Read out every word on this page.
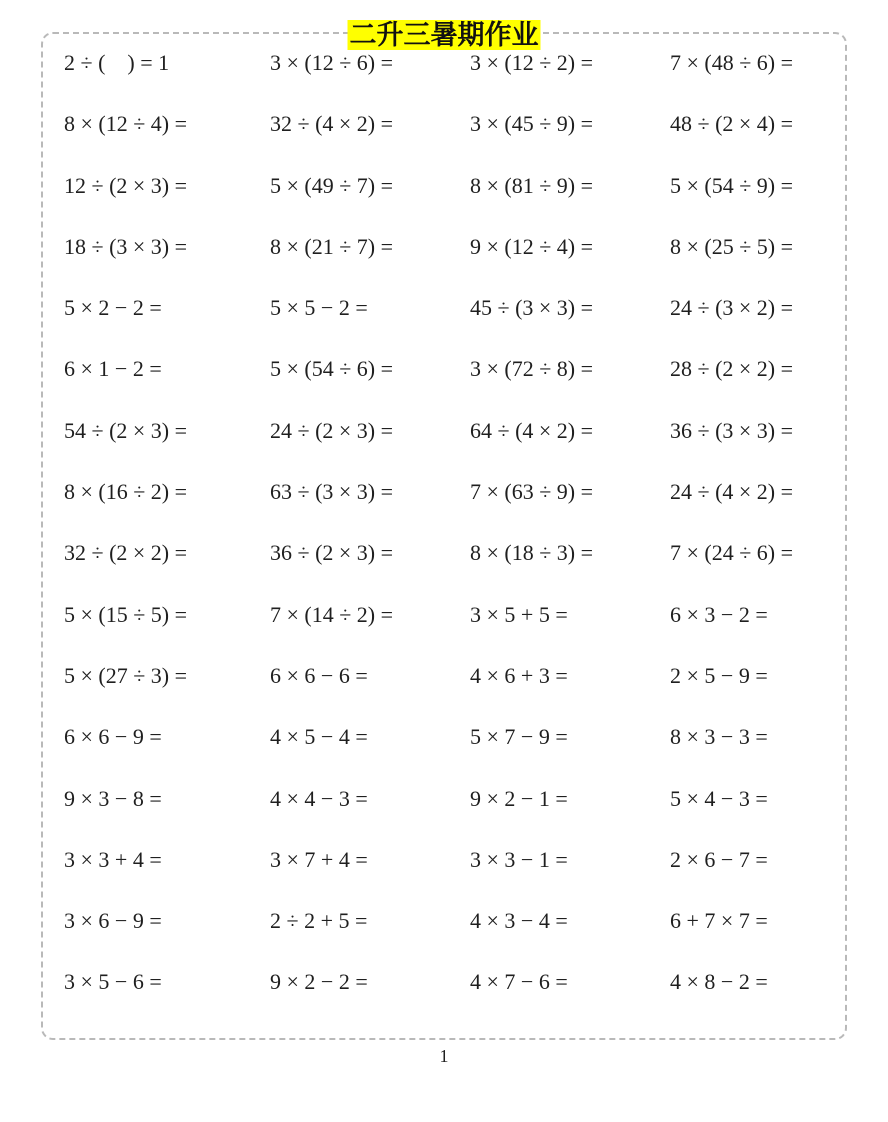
二升三暑期作业
2 ÷ (    ) = 1	3 × (12 ÷ 6) =	3 × (12 ÷ 2) =	7 × (48 ÷ 6) =
8 × (12 ÷ 4) =	32 ÷ (4 × 2) =	3 × (45 ÷ 9) =	48 ÷ (2 × 4) =
12 ÷ (2 × 3) =	5 × (49 ÷ 7) =	8 × (81 ÷ 9) =	5 × (54 ÷ 9) =
18 ÷ (3 × 3) =	8 × (21 ÷ 7) =	9 × (12 ÷ 4) =	8 × (25 ÷ 5) =
5 × 2 − 2 =	5 × 5 − 2 =	45 ÷ (3 × 3) =	24 ÷ (3 × 2) =
6 × 1 − 2 =	5 × (54 ÷ 6) =	3 × (72 ÷ 8) =	28 ÷ (2 × 2) =
54 ÷ (2 × 3) =	24 ÷ (2 × 3) =	64 ÷ (4 × 2) =	36 ÷ (3 × 3) =
8 × (16 ÷ 2) =	63 ÷ (3 × 3) =	7 × (63 ÷ 9) =	24 ÷ (4 × 2) =
32 ÷ (2 × 2) =	36 ÷ (2 × 3) =	8 × (18 ÷ 3) =	7 × (24 ÷ 6) =
5 × (15 ÷ 5) =	7 × (14 ÷ 2) =	3 × 5 + 5 =	6 × 3 − 2 =
5 × (27 ÷ 3) =	6 × 6 − 6 =	4 × 6 + 3 =	2 × 5 − 9 =
6 × 6 − 9 =	4 × 5 − 4 =	5 × 7 − 9 =	8 × 3 − 3 =
9 × 3 − 8 =	4 × 4 − 3 =	9 × 2 − 1 =	5 × 4 − 3 =
3 × 3 + 4 =	3 × 7 + 4 =	3 × 3 − 1 =	2 × 6 − 7 =
3 × 6 − 9 =	2 ÷ 2 + 5 =	4 × 3 − 4 =	6 + 7 × 7 =
3 × 5 − 6 =	9 × 2 − 2 =	4 × 7 − 6 =	4 × 8 − 2 =
1
